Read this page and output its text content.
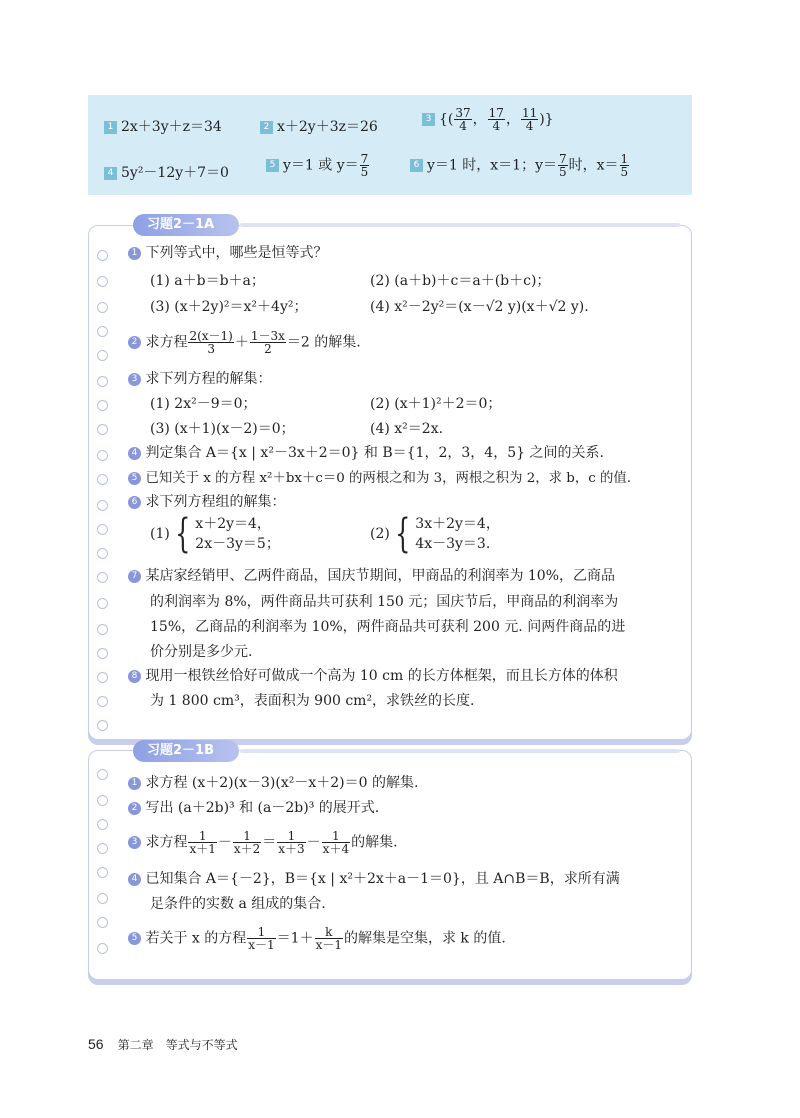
1 2x＋3y＋z＝34	2 x＋2y＋3z＝26	3 {( $\frac{37}{4}$ ， $\frac{17}{4}$ ， $\frac{11}{4}$ )}
4 5y²－12y＋7＝0	5 y＝1 或 $y= \frac{7}{5}$	6 y＝1 时，x＝1；$y= \frac{7}{5}$ 时，$x= \frac{1}{5}$
习题2－1A
1 下列等式中，哪些是恒等式？
(1) a＋b＝b＋a；	(2) (a＋b)＋c＝a＋(b＋c)；
(3) (x＋2y)²＝x²＋4y²；	(4) x²－2y²＝(x－√2 y)(x＋√2 y).
2 求方程 $\frac{2(x-1)}{3} + \frac{1-3x}{2} =2$ 的解集.
3 求下列方程的解集：
(1) 2x²－9＝0；	(2) (x＋1)²＋2＝0；
(3) (x＋1)(x－2)＝0；	(4) x²＝2x.
4 判定集合 A＝{x | x²－3x＋2＝0} 和 B＝{1，2，3，4，5} 之间的关系.
5 已知关于 x 的方程 x²＋bx＋c＝0 的两根之和为 3，两根之积为 2，求 b，c 的值.
6 求下列方程组的解集：
(1) { x＋2y＝4，
2x－3y＝5；
(2) { 3x＋2y＝4，
4x－3y＝3.
7 某店家经销甲、乙两件商品，国庆节期间，甲商品的利润率为 10%，乙商品
的利润率为 8%，两件商品共可获利 150 元；国庆节后，甲商品的利润率为
15%，乙商品的利润率为 10%，两件商品共可获利 200 元. 问两件商品的进
价分别是多少元.
8 现用一根铁丝恰好可做成一个高为 10 cm 的长方体框架，而且长方体的体积
为 1 800 cm³，表面积为 900 cm²，求铁丝的长度.
习题2－1B
1 求方程 (x＋2)(x－3)(x²－x＋2)＝0 的解集.
2 写出 (a＋2b)³ 和 (a－2b)³ 的展开式.
3 求方程 $\frac{1}{x+1} - \frac{1}{x+2} = \frac{1}{x+3} - \frac{1}{x+4}$ 的解集.
4 已知集合 A＝{－2}，B＝{x | x²＋2x＋a－1＝0}，且 A∩B＝B，求所有满
足条件的实数 a 组成的集合.
5 若关于 x 的方程 $\frac{1}{x-1} =1+ \frac{k}{x-1}$ 的解集是空集，求 k 的值.
56 第二章　等式与不等式
